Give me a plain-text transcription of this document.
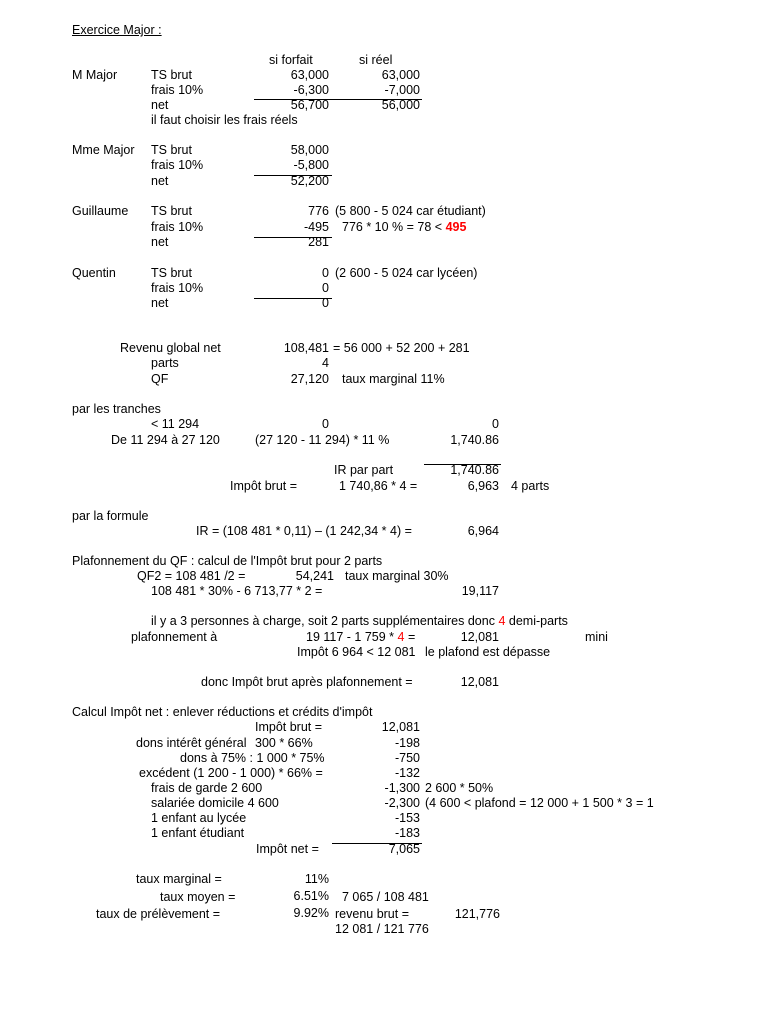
Exercice Major :
si forfait	si réel
M Major	TS brut	63,000	63,000
frais 10%	-6,300	-7,000
net	56,700	56,000
il faut choisir les frais réels
Mme Major TS brut	58,000
frais 10%	-5,800
net	52,200
Guillaume TS brut	776 (5 800 - 5 024 car étudiant)
frais 10%	-495 776 * 10 % = 78 < 495
net	281
Quentin	TS brut	0 (2 600 - 5 024 car lycéen)
frais 10%	0
net	0
Revenu global net	108,481 = 56 000 + 52 200 + 281
parts	4
QF	27,120 taux marginal 11%
par les tranches
< 11 294	0	0
De 11 294 à 27 120	(27 120 - 11 294) * 11 %	1,740.86
IR par part	1,740.86
Impôt brut =	1 740,86 * 4 =	6,963 4 parts
par la formule
IR = (108 481 * 0,11) – (1 242,34 * 4) =	6,964
Plafonnement du QF : calcul de l'Impôt brut pour 2 parts
QF2 = 108 481 /2 =	54,241 taux marginal 30%
108 481 * 30% - 6 713,77 * 2 =	19,117
il y a 3 personnes à charge, soit 2 parts supplémentaires donc 4 demi-parts
plafonnement à	19 117 - 1 759 * 4 =	12,081	mini
Impôt 6 964 < 12 081 le plafond est dépasse
donc Impôt brut après plafonnement =	12,081
Calcul Impôt net : enlever réductions et crédits d'impôt
Impôt brut =	12,081
dons intérêt général 300 * 66%	-198
dons à 75% : 1 000 * 75%	-750
excédent (1 200 - 1 000) * 66% =	-132
frais de garde 2 600	-1,300 2 600 * 50%
salariée domicile 4 600	-2,300 (4 600 < plafond = 12 000 + 1 500 * 3 = 1
1 enfant au lycée	-153
1 enfant étudiant	-183
Impôt net =	7,065
taux marginal =	11%
taux moyen =	6.51% 7 065 / 108 481
taux de prélèvement =	9.92% revenu brut =	121,776
12 081 / 121 776
